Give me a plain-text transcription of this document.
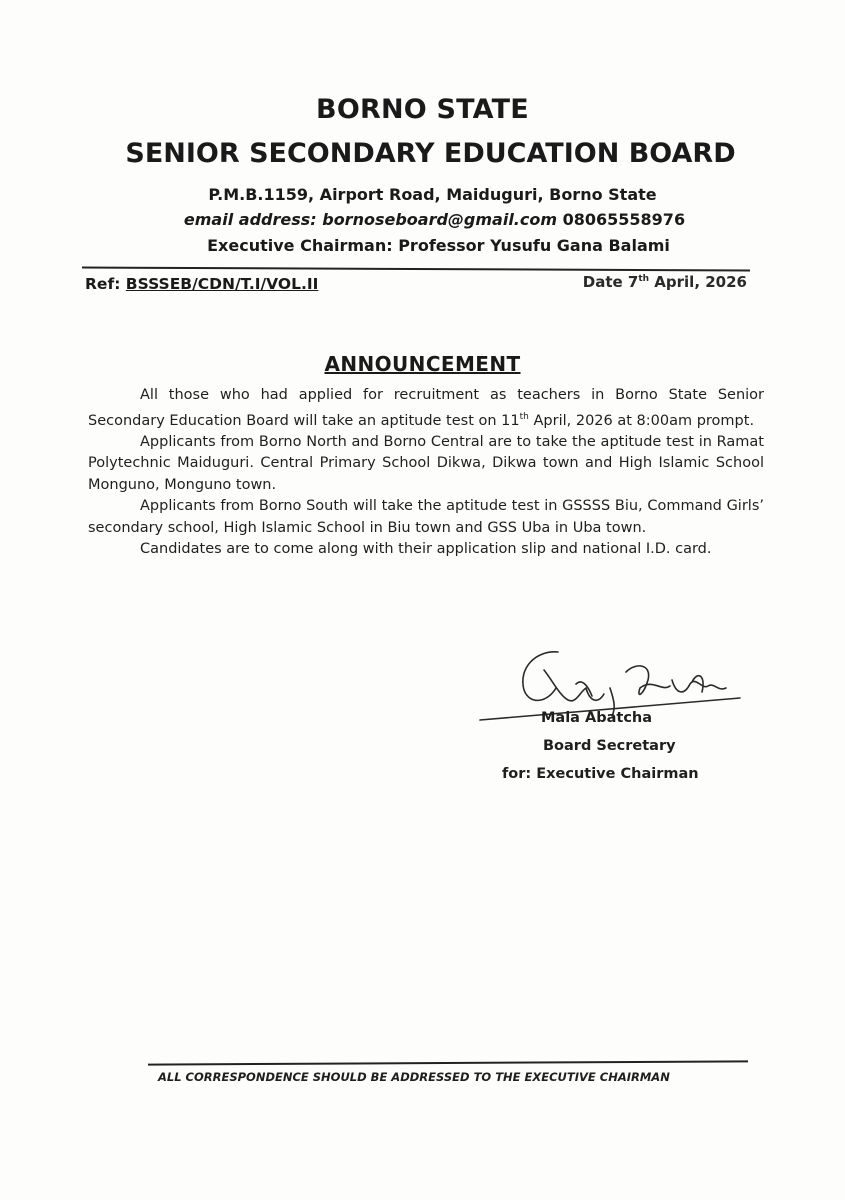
BORNO STATE
SENIOR SECONDARY EDUCATION BOARD
P.M.B.1159, Airport Road, Maiduguri, Borno State
email address: bornoseboard@gmail.com 08065558976
Executive Chairman: Professor Yusufu Gana Balami
Ref: BSSSEB/CDN/T.I/VOL.II	Date 7th April, 2026
ANNOUNCEMENT

All those who had applied for recruitment as teachers in Borno State Senior Secondary Education Board will take an aptitude test on 11th April, 2026 at 8:00am prompt.

Applicants from Borno North and Borno Central are to take the aptitude test in Ramat Polytechnic Maiduguri. Central Primary School Dikwa, Dikwa town and High Islamic School Monguno, Monguno town.

Applicants from Borno South will take the aptitude test in GSSSS Biu, Command Girls’ secondary school, High Islamic School in Biu town and GSS Uba in Uba town.

Candidates are to come along with their application slip and national I.D. card.

Mala Abatcha
Board Secretary
for: Executive Chairman
ALL CORRESPONDENCE SHOULD BE ADDRESSED TO THE EXECUTIVE CHAIRMAN
